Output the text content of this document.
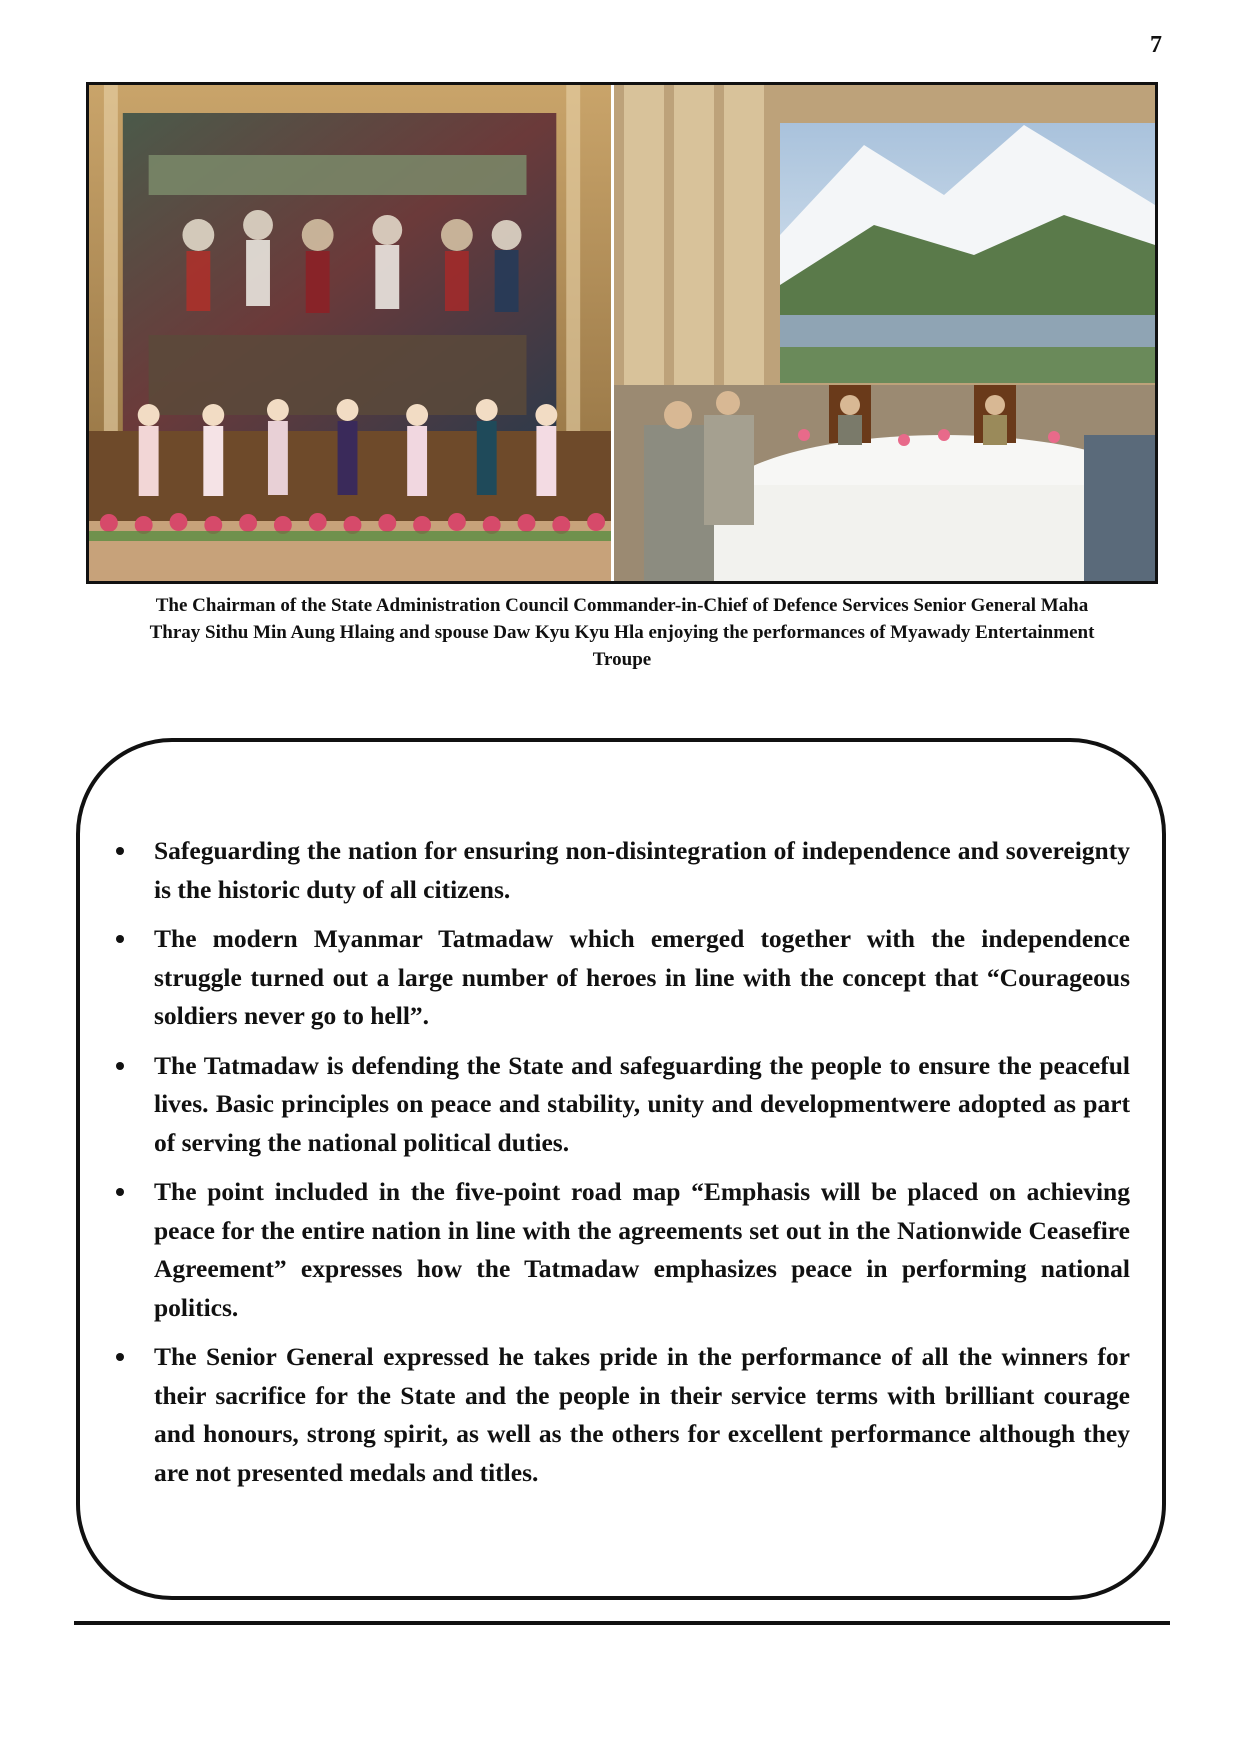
7
The Chairman of the State Administration Council Commander-in-Chief of Defence Services Senior General Maha
Thray Sithu Min Aung Hlaing and spouse Daw Kyu Kyu Hla enjoying the performances of Myawady Entertainment
Troupe
Safeguarding the nation for ensuring non-disintegration of independence and sovereignty is the historic duty of all citizens.
The modern Myanmar Tatmadaw which emerged together with the independence struggle turned out a large number of heroes in line with the concept that “Courageous soldiers never go to hell”.
The Tatmadaw is defending the State and safeguarding the people to ensure the peaceful lives. Basic principles on peace and stability, unity and developmentwere adopted as part of serving the national political duties.
The point included in the five-point road map “Emphasis will be placed on achieving peace for the entire nation in line with the agreements set out in the Nationwide Ceasefire Agreement” expresses how the Tatmadaw emphasizes peace in performing national politics.
The Senior General expressed he takes pride in the performance of all the winners for their sacrifice for the State and the people in their service terms with brilliant courage and honours, strong spirit, as well as the others for excellent performance although they are not presented medals and titles.
